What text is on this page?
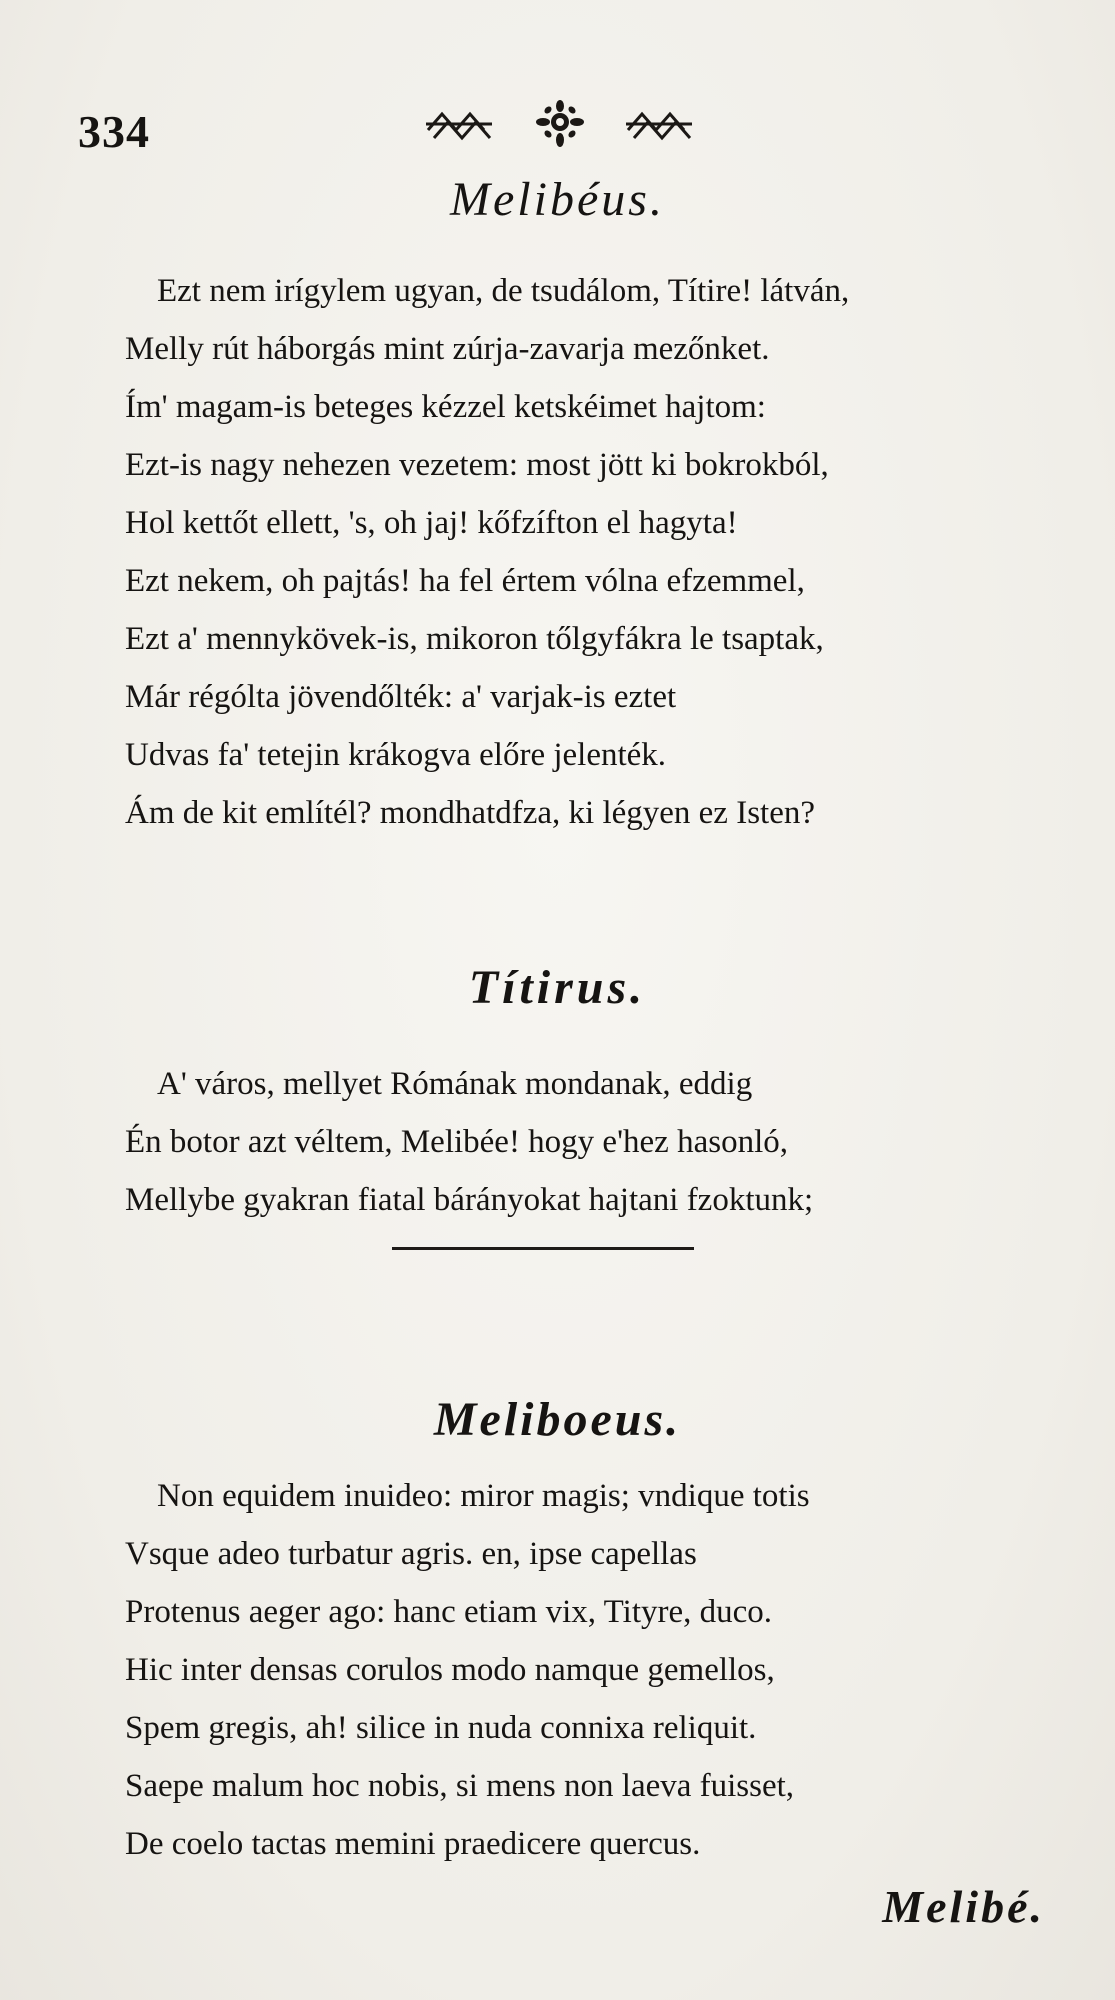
334
Melibéus.
Ezt nem irígylem ugyan, de tsudálom, Títire! látván,
Melly rút háborgás mint zúrja-zavarja mezőnket.
Ím' magam-is beteges kézzel ketskéimet hajtom:
Ezt-is nagy nehezen vezetem: most jött ki bokrokból,
Hol kettőt ellett, 's, oh jaj! kőfzífton el hagyta!
Ezt nekem, oh pajtás! ha fel értem vólna efzemmel,
Ezt a' mennykövek-is, mikoron tőlgyfákra le tsaptak,
Már régólta jövendőlték: a' varjak-is eztet
Udvas fa' tetejin krákogva előre jelenték.
Ám de kit említél? mondhatdfza, ki légyen ez Isten?
Títirus.
A' város, mellyet Rómának mondanak, eddig
Én botor azt véltem, Melibée! hogy e'hez hasonló,
Mellybe gyakran fiatal bárányokat hajtani fzoktunk;
Meliboeus.
Non equidem inuideo: miror magis; vndique totis
Vsque adeo turbatur agris. en, ipse capellas
Protenus aeger ago: hanc etiam vix, Tityre, duco.
Hic inter densas corulos modo namque gemellos,
Spem gregis, ah! silice in nuda connixa reliquit.
Saepe malum hoc nobis, si mens non laeva fuisset,
De coelo tactas memini praedicere quercus.
Melibé.
